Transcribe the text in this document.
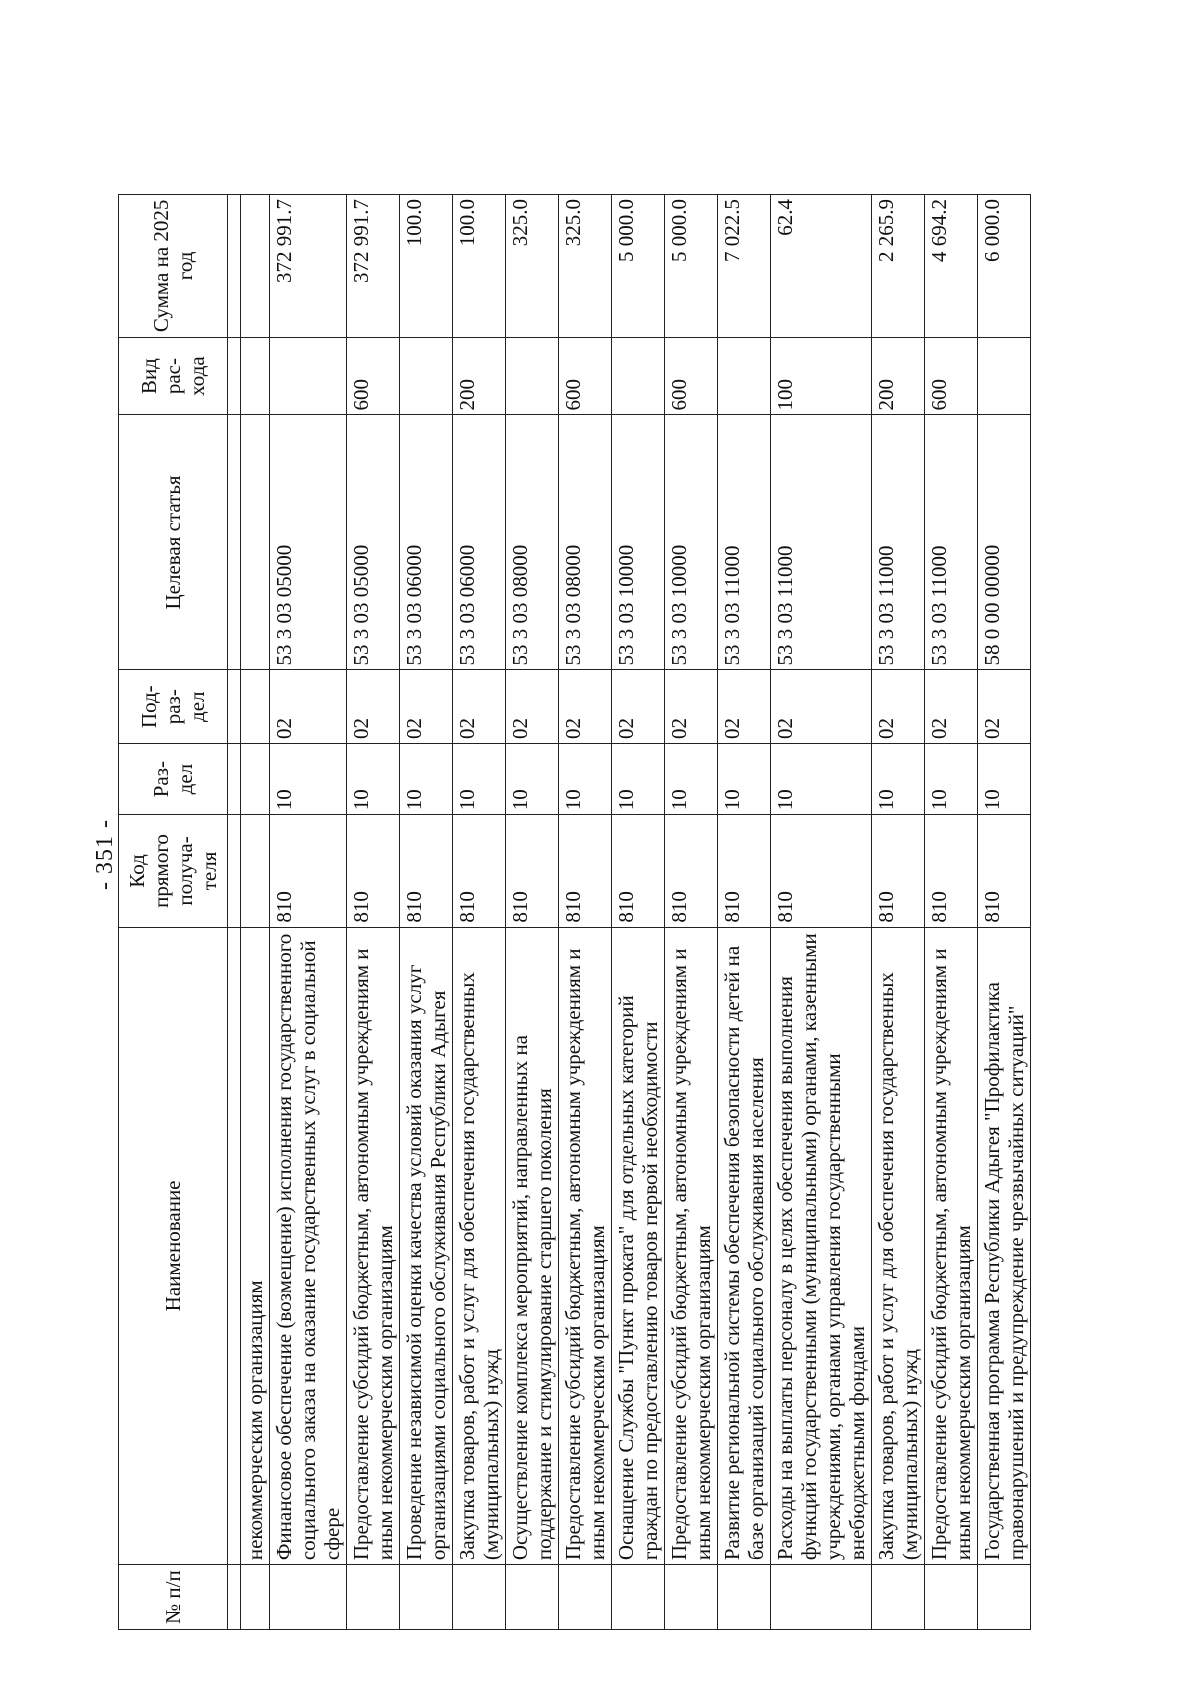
- 351 -
№ п/п	Наименование	Код прямого получа-теля	Раз-дел	Под-раз-дел	Целевая статья	Вид рас-хода	Сумма на 2025 год

	некоммерческим организациям						
	Финансовое обеспечение (возмещение) исполнения государственного социального заказа на оказание государственных услуг в социальной сфере	810	10	02	53 3 03 05000		372 991.7
	Предоставление субсидий бюджетным, автономным учреждениям и иным некоммерческим организациям	810	10	02	53 3 03 05000	600	372 991.7
	Проведение независимой оценки качества условий оказания услуг организациями социального обслуживания Республики Адыгея	810	10	02	53 3 03 06000		100.0
	Закупка товаров, работ и услуг для обеспечения государственных (муниципальных) нужд	810	10	02	53 3 03 06000	200	100.0
	Осуществление комплекса мероприятий, направленных на поддержание и стимулирование старшего поколения	810	10	02	53 3 03 08000		325.0
	Предоставление субсидий бюджетным, автономным учреждениям и иным некоммерческим организациям	810	10	02	53 3 03 08000	600	325.0
	Оснащение Службы "Пункт проката" для отдельных категорий граждан по предоставлению товаров первой необходимости	810	10	02	53 3 03 10000		5 000.0
	Предоставление субсидий бюджетным, автономным учреждениям и иным некоммерческим организациям	810	10	02	53 3 03 10000	600	5 000.0
	Развитие региональной системы обеспечения безопасности детей на базе организаций социального обслуживания населения	810	10	02	53 3 03 11000		7 022.5
	Расходы на выплаты персоналу в целях обеспечения выполнения функций государственными (муниципальными) органами, казенными учреждениями, органами управления государственными внебюджетными фондами	810	10	02	53 3 03 11000	100	62.4
	Закупка товаров, работ и услуг для обеспечения государственных (муниципальных) нужд	810	10	02	53 3 03 11000	200	2 265.9
	Предоставление субсидий бюджетным, автономным учреждениям и иным некоммерческим организациям	810	10	02	53 3 03 11000	600	4 694.2
	Государственная программа Республики Адыгея "Профилактика правонарушений и предупреждение чрезвычайных ситуаций"	810	10	02	58 0 00 00000		6 000.0
